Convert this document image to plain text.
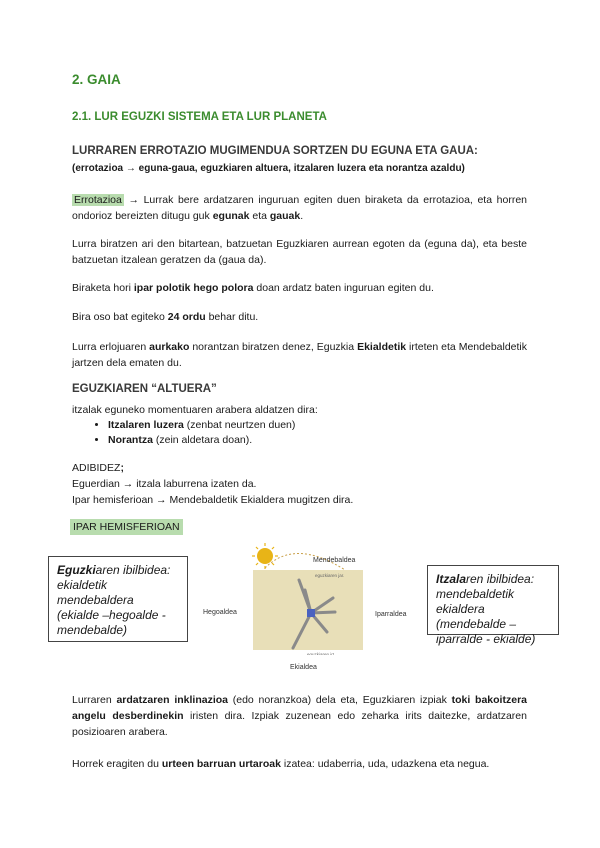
2. GAIA
2.1. LUR EGUZKI SISTEMA ETA LUR PLANETA
LURRAREN ERROTAZIO MUGIMENDUA SORTZEN DU EGUNA ETA GAUA:
(errotazioa → eguna-gaua, eguzkiaren altuera, itzalaren luzera eta norantza azaldu)
Errotazioa → Lurrak bere ardatzaren inguruan egiten duen biraketa da errotazioa, eta horren ondorioz bereizten ditugu guk egunak eta gauak.
Lurra biratzen ari den bitartean, batzuetan Eguzkiaren aurrean egoten da (eguna da), eta beste batzuetan itzalean geratzen da (gaua da).
Biraketa hori ipar polotik hego polora doan ardatz baten inguruan egiten du.
Bira oso bat egiteko 24 ordu behar ditu.
Lurra erlojuaren aurkako norantzan biratzen denez, Eguzkia Ekialdetik irteten eta Mendebaldetik jartzen dela ematen du.
EGUZKIAREN “ALTUERA”
itzalak eguneko momentuaren arabera aldatzen dira:
• Itzalaren luzera (zenbat neurtzen duen)
• Norantza (zein aldetara doan).
ADIBIDEZ;
Eguerdian → itzala laburrena izaten da.
Ipar hemisferioan → Mendebaldetik Ekialdera mugitzen dira.
IPAR HEMISFERIOAN
Eguzkiaren ibilbidea: ekialdetik mendebaldera (ekialde –hegoalde - mendebalde)
Itzalaren ibilbidea: mendebaldetik ekialdera (mendebalde –iparralde - ekialde)
Mendebaldea
eguzkiaren jar.
Hegoaldea	Iparraldea
eguzkiaren irt.
Ekialdea
Lurraren ardatzaren inklinazioa (edo noranzkoa) dela eta, Eguzkiaren izpiak toki bakoitzera angelu desberdinekin iristen dira. Izpiak zuzenean edo zeharka irits daitezke, ardatzaren posizioaren arabera.
Horrek eragiten du urteen barruan urtaroak izatea: udaberria, uda, udazkena eta negua.
